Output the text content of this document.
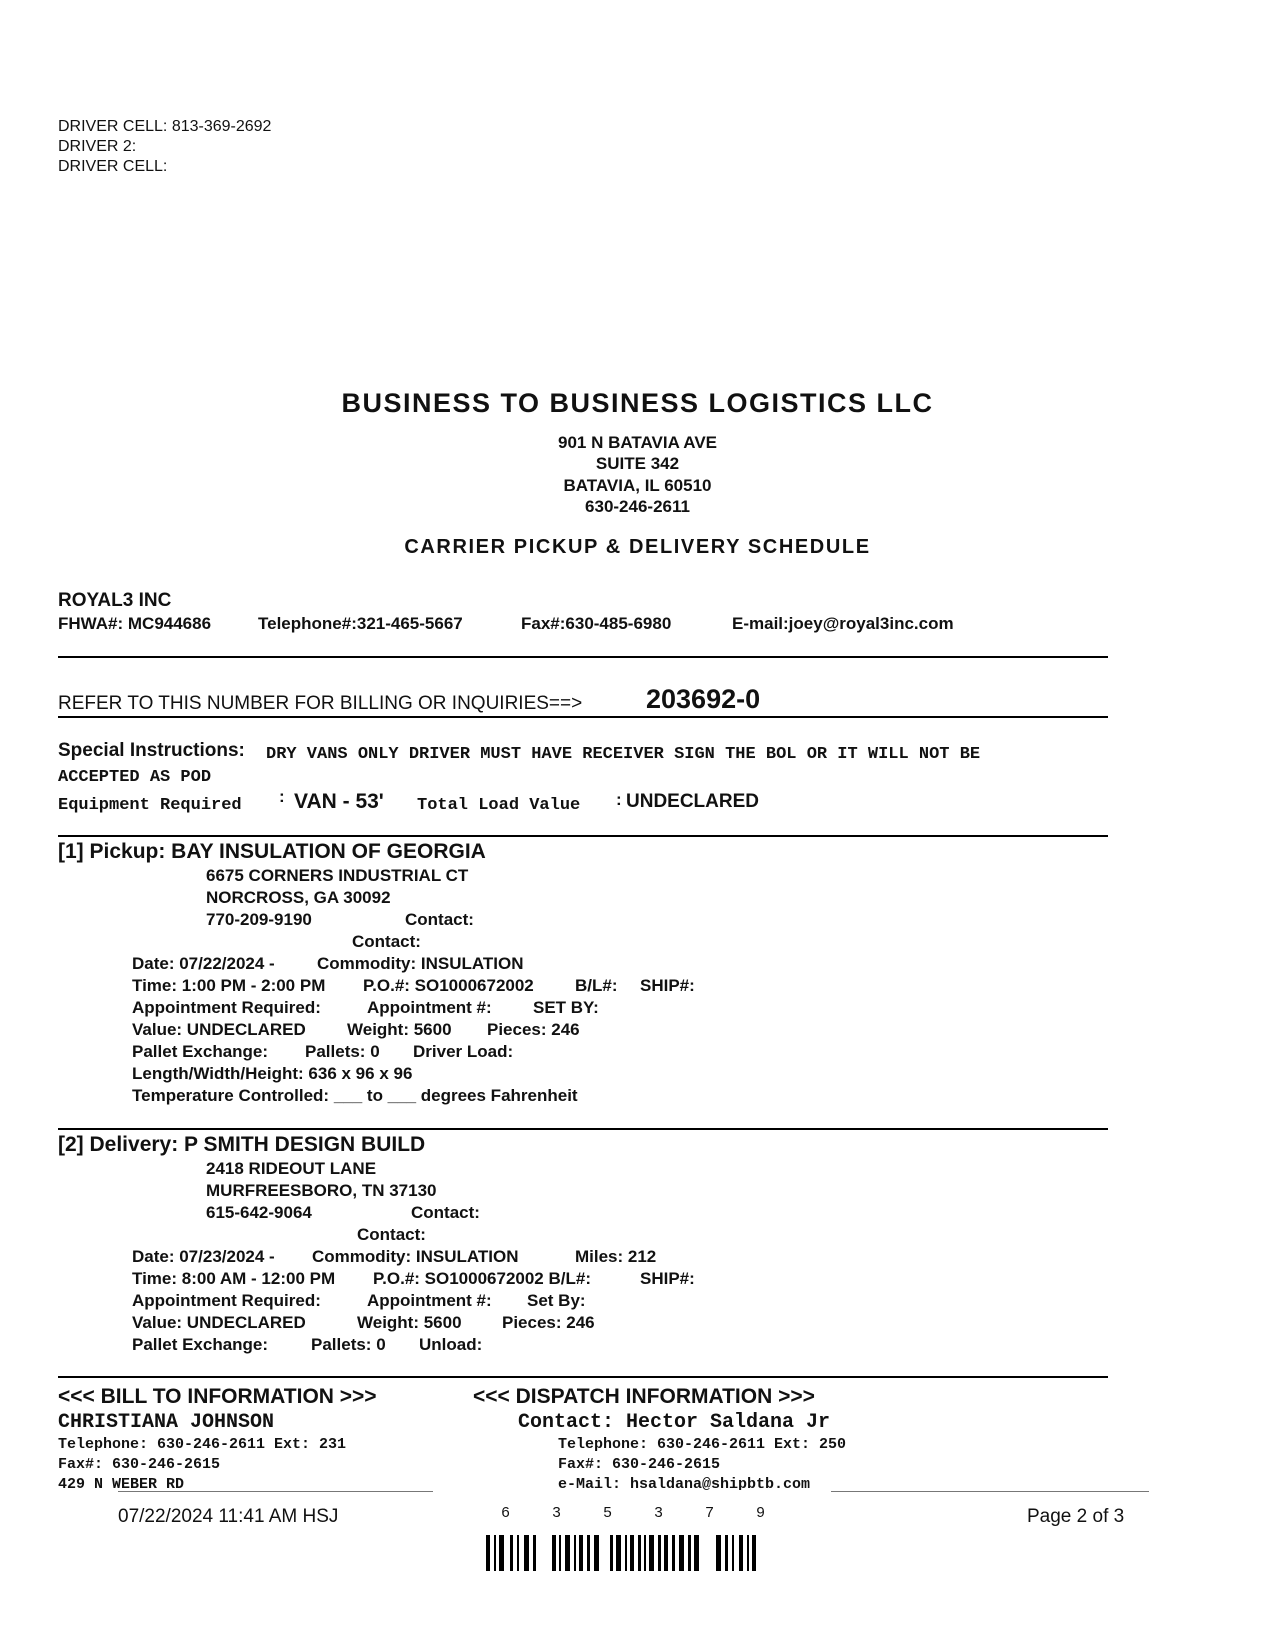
DRIVER CELL: 813-369-2692
DRIVER 2:
DRIVER CELL:
BUSINESS TO BUSINESS LOGISTICS LLC
901 N BATAVIA AVE
SUITE 342
BATAVIA, IL 60510
630-246-2611
CARRIER PICKUP & DELIVERY SCHEDULE
ROYAL3 INC
FHWA#: MC944686	Telephone#:321-465-5667	Fax#:630-485-6980	E-mail:joey@royal3inc.com
REFER TO THIS NUMBER FOR BILLING OR INQUIRIES==> 203692-0
Special Instructions: DRY VANS ONLY DRIVER MUST HAVE RECEIVER SIGN THE BOL OR IT WILL NOT BE
ACCEPTED AS POD
Equipment Required : VAN - 53' Total Load Value : UNDECLARED
[1] Pickup: BAY INSULATION OF GEORGIA
6675 CORNERS INDUSTRIAL CT
NORCROSS, GA 30092
770-209-9190	Contact:
Contact:
Date: 07/22/2024 - Commodity: INSULATION
Time: 1:00 PM - 2:00 PM P.O.#: SO1000672002 B/L#: SHIP#:
Appointment Required:	Appointment #: SET BY:
Value: UNDECLARED Weight: 5600 Pieces: 246
Pallet Exchange: Pallets: 0 Driver Load:
Length/Width/Height: 636 x 96 x 96
Temperature Controlled: ___ to ___ degrees Fahrenheit
[2] Delivery: P SMITH DESIGN BUILD
2418 RIDEOUT LANE
MURFREESBORO, TN 37130
615-642-9064	Contact:
Contact:
Date: 07/23/2024 - Commodity: INSULATION	Miles: 212
Time: 8:00 AM - 12:00 PM P.O.#: SO1000672002 B/L#:	SHIP#:
Appointment Required:	Appointment #: Set By:
Value: UNDECLARED	Weight: 5600 Pieces: 246
Pallet Exchange:	Pallets: 0 Unload:
<<< BILL TO INFORMATION >>>
CHRISTIANA JOHNSON
Telephone: 630-246-2611 Ext: 231
Fax#: 630-246-2615
429 N WEBER RD
<<< DISPATCH INFORMATION >>>
Contact: Hector Saldana Jr
Telephone: 630-246-2611 Ext: 250
Fax#: 630-246-2615
e-Mail: hsaldana@shipbtb.com
07/22/2024 11:41 AM HSJ	6	3	5	3	7	9	Page 2 of 3
